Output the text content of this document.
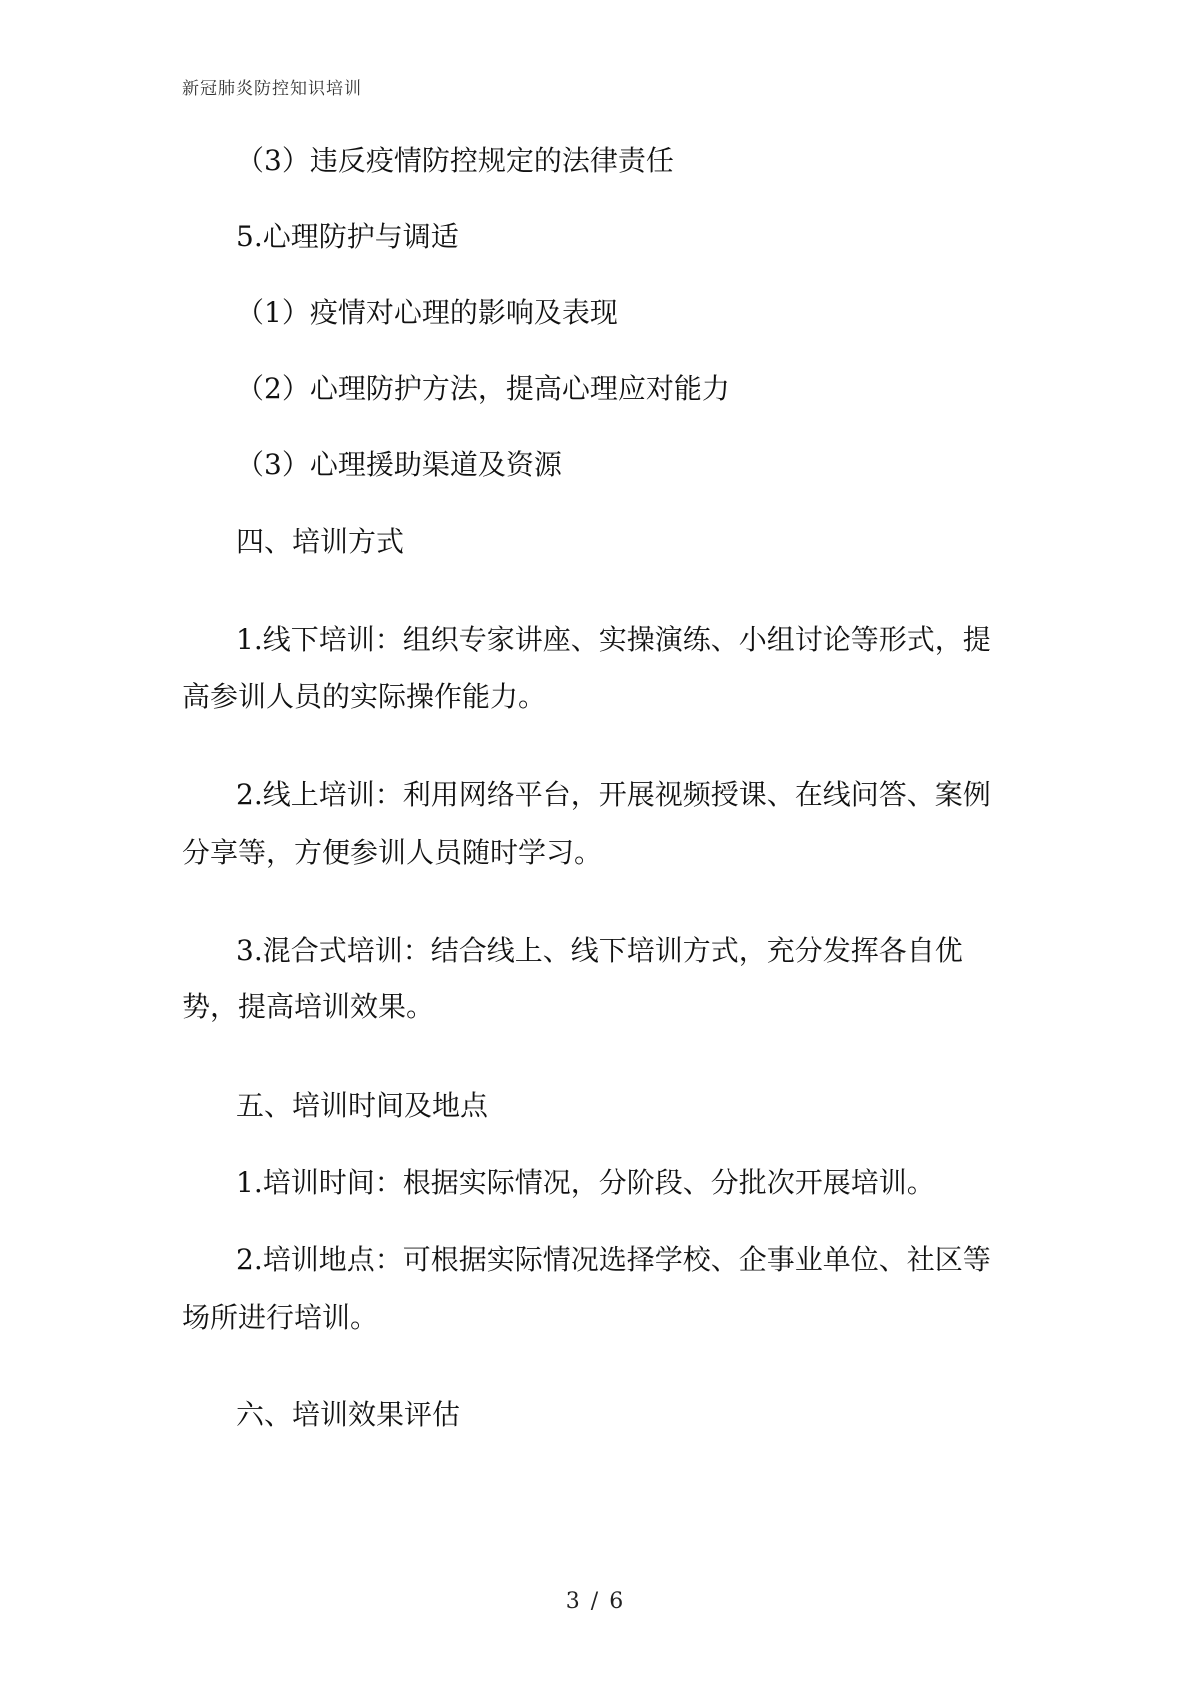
新冠肺炎防控知识培训
（3）违反疫情防控规定的法律责任
5.心理防护与调适
（1）疫情对心理的影响及表现
（2）心理防护方法，提高心理应对能力
（3）心理援助渠道及资源
四、培训方式
1.线下培训：组织专家讲座、实操演练、小组讨论等形式，提
高参训人员的实际操作能力。
2.线上培训：利用网络平台，开展视频授课、在线问答、案例
分享等，方便参训人员随时学习。
3.混合式培训：结合线上、线下培训方式，充分发挥各自优
势，提高培训效果。
五、培训时间及地点
1.培训时间：根据实际情况，分阶段、分批次开展培训。
2.培训地点：可根据实际情况选择学校、企事业单位、社区等
场所进行培训。
六、培训效果评估
3 / 6
